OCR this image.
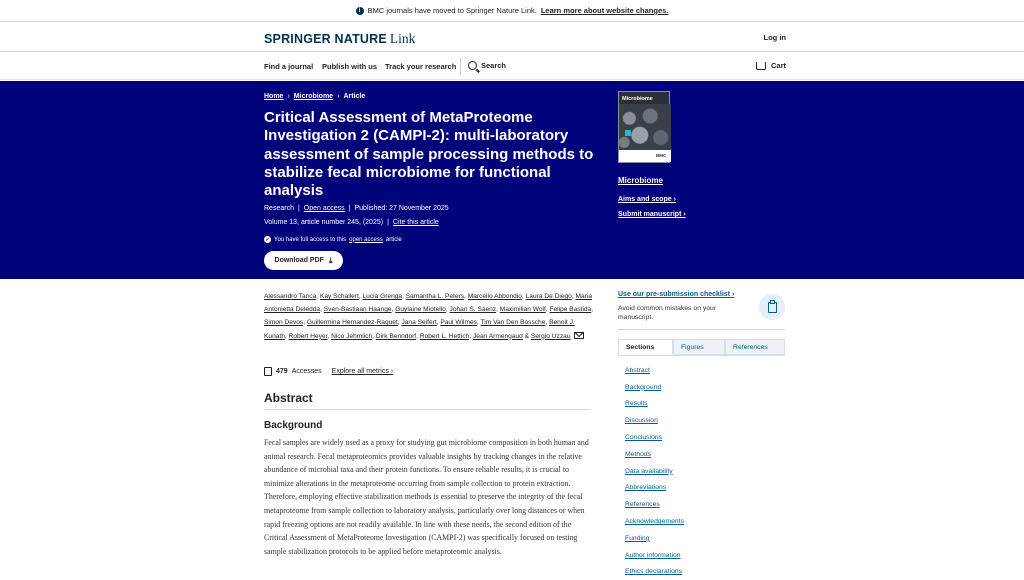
i BMC journals have moved to Springer Nature Link. Learn more about website changes.
SPRINGER NATURE Link	Log in
Find a journal Publish with us Track your research	Search	Cart
Home › Microbiome › Article
Critical Assessment of MetaProteome Investigation 2 (CAMPI-2): multi-laboratory assessment of sample processing methods to stabilize fecal microbiome for functional analysis
Research | Open access | Published: 27 November 2025
Volume 13, article number 245, (2025) | Cite this article
✓ You have full access to this open access article
Download PDF ⤓
Microbiome
BMC
Microbiome
Aims and scope ›
Submit manuscript ›
Alessandro Tanca, Kay Schallert, Lucia Grenga, Samantha L. Peters, Marcello Abbondio, Laura De Diego, Maria Antonietta Deledda, Sven-Bastiaan Haange, Guylaine Miotello, Johan S. Sáenz, Maximilian Wolf, Felipe Bastida, Simon Devos, Guillermina Hernandez-Raquet, Jana Seifert, Paul Wilmes, Tim Van Den Bossche, Benoit J. Kunath, Robert Heyer, Nico Jehmlich, Dirk Benndorf, Robert L. Hettich, Jean Armengaud & Sergio Uzzau
479 Accesses Explore all metrics ›
Abstract
Background

Fecal samples are widely used as a proxy for studying gut microbiome composition in both human and animal research. Fecal metaproteomics provides valuable insights by tracking changes in the relative abundance of microbial taxa and their protein functions. To ensure reliable results, it is crucial to minimize alterations in the metaproteome occurring from sample collection to protein extraction. Therefore, employing effective stabilization methods is essential to preserve the integrity of the fecal metaproteome from sample collection to laboratory analysis, particularly over long distances or when rapid freezing options are not readily available. In line with these needs, the second edition of the Critical Assessment of MetaProteome Investigation (CAMPI-2) was specifically focused on testing sample stabilization protocols to be applied before metaproteomic analysis.

Use our pre-submission checklist ›

Avoid common mistakes on your manuscript.

Sections	Figures	References
Abstract
Background
Results
Discussion
Conclusions
Methods
Data availability
Abbreviations
References
Acknowledgements
Funding
Author information
Ethics declarations
